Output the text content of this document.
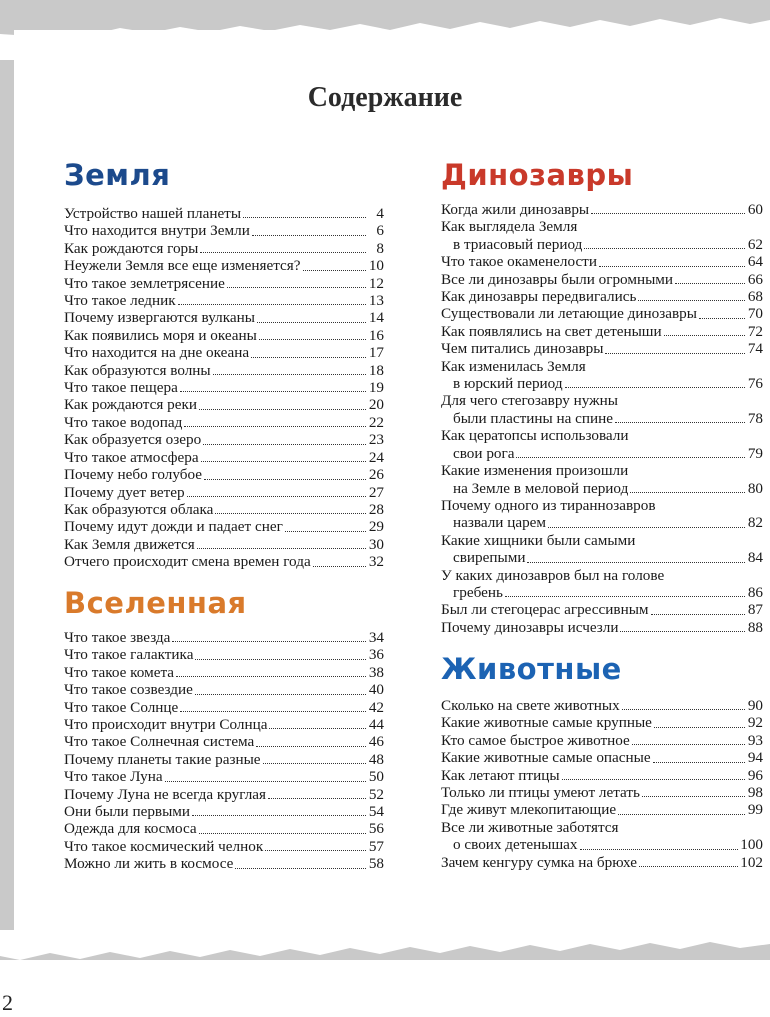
Содержание
Земля
Устройство нашей планеты	4
Что находится внутри Земли	6
Как рождаются горы	8
Неужели Земля все еще изменяется?	10
Что такое землетрясение	12
Что такое ледник	13
Почему извергаются вулканы	14
Как появились моря и океаны	16
Что находится на дне океана	17
Как образуются волны	18
Что такое пещера	19
Как рождаются реки	20
Что такое водопад	22
Как образуется озеро	23
Что такое атмосфера	24
Почему небо голубое	26
Почему дует ветер	27
Как образуются облака	28
Почему идут дожди и падает снег	29
Как Земля движется	30
Отчего происходит смена времен года	32
Вселенная
Что такое звезда	34
Что такое галактика	36
Что такое комета	38
Что такое созвездие	40
Что такое Солнце	42
Что происходит внутри Солнца	44
Что такое Солнечная система	46
Почему планеты такие разные	48
Что такое Луна	50
Почему Луна не всегда круглая	52
Они были первыми	54
Одежда для космоса	56
Что такое космический челнок	57
Можно ли жить в космосе	58
Динозавры
Когда жили динозавры	60
Как выглядела Земля
в триасовый период	62
Что такое окаменелости	64
Все ли динозавры были огромными	66
Как динозавры передвигались	68
Существовали ли летающие динозавры	70
Как появлялись на свет детеныши	72
Чем питались динозавры	74
Как изменилась Земля
в юрский период	76
Для чего стегозавру нужны
были пластины на спине	78
Как цератопсы использовали
свои рога	79
Какие изменения произошли
на Земле в меловой период	80
Почему одного из тираннозавров
назвали царем	82
Какие хищники были самыми
свирепыми	84
У каких динозавров был на голове
гребень	86
Был ли стегоцерас агрессивным	87
Почему динозавры исчезли	88
Животные
Сколько на свете животных	90
Какие животные самые крупные	92
Кто самое быстрое животное	93
Какие животные самые опасные	94
Как летают птицы	96
Только ли птицы умеют летать	98
Где живут млекопитающие	99
Все ли животные заботятся
о своих детенышах	100
Зачем кенгуру сумка на брюхе	102
2
